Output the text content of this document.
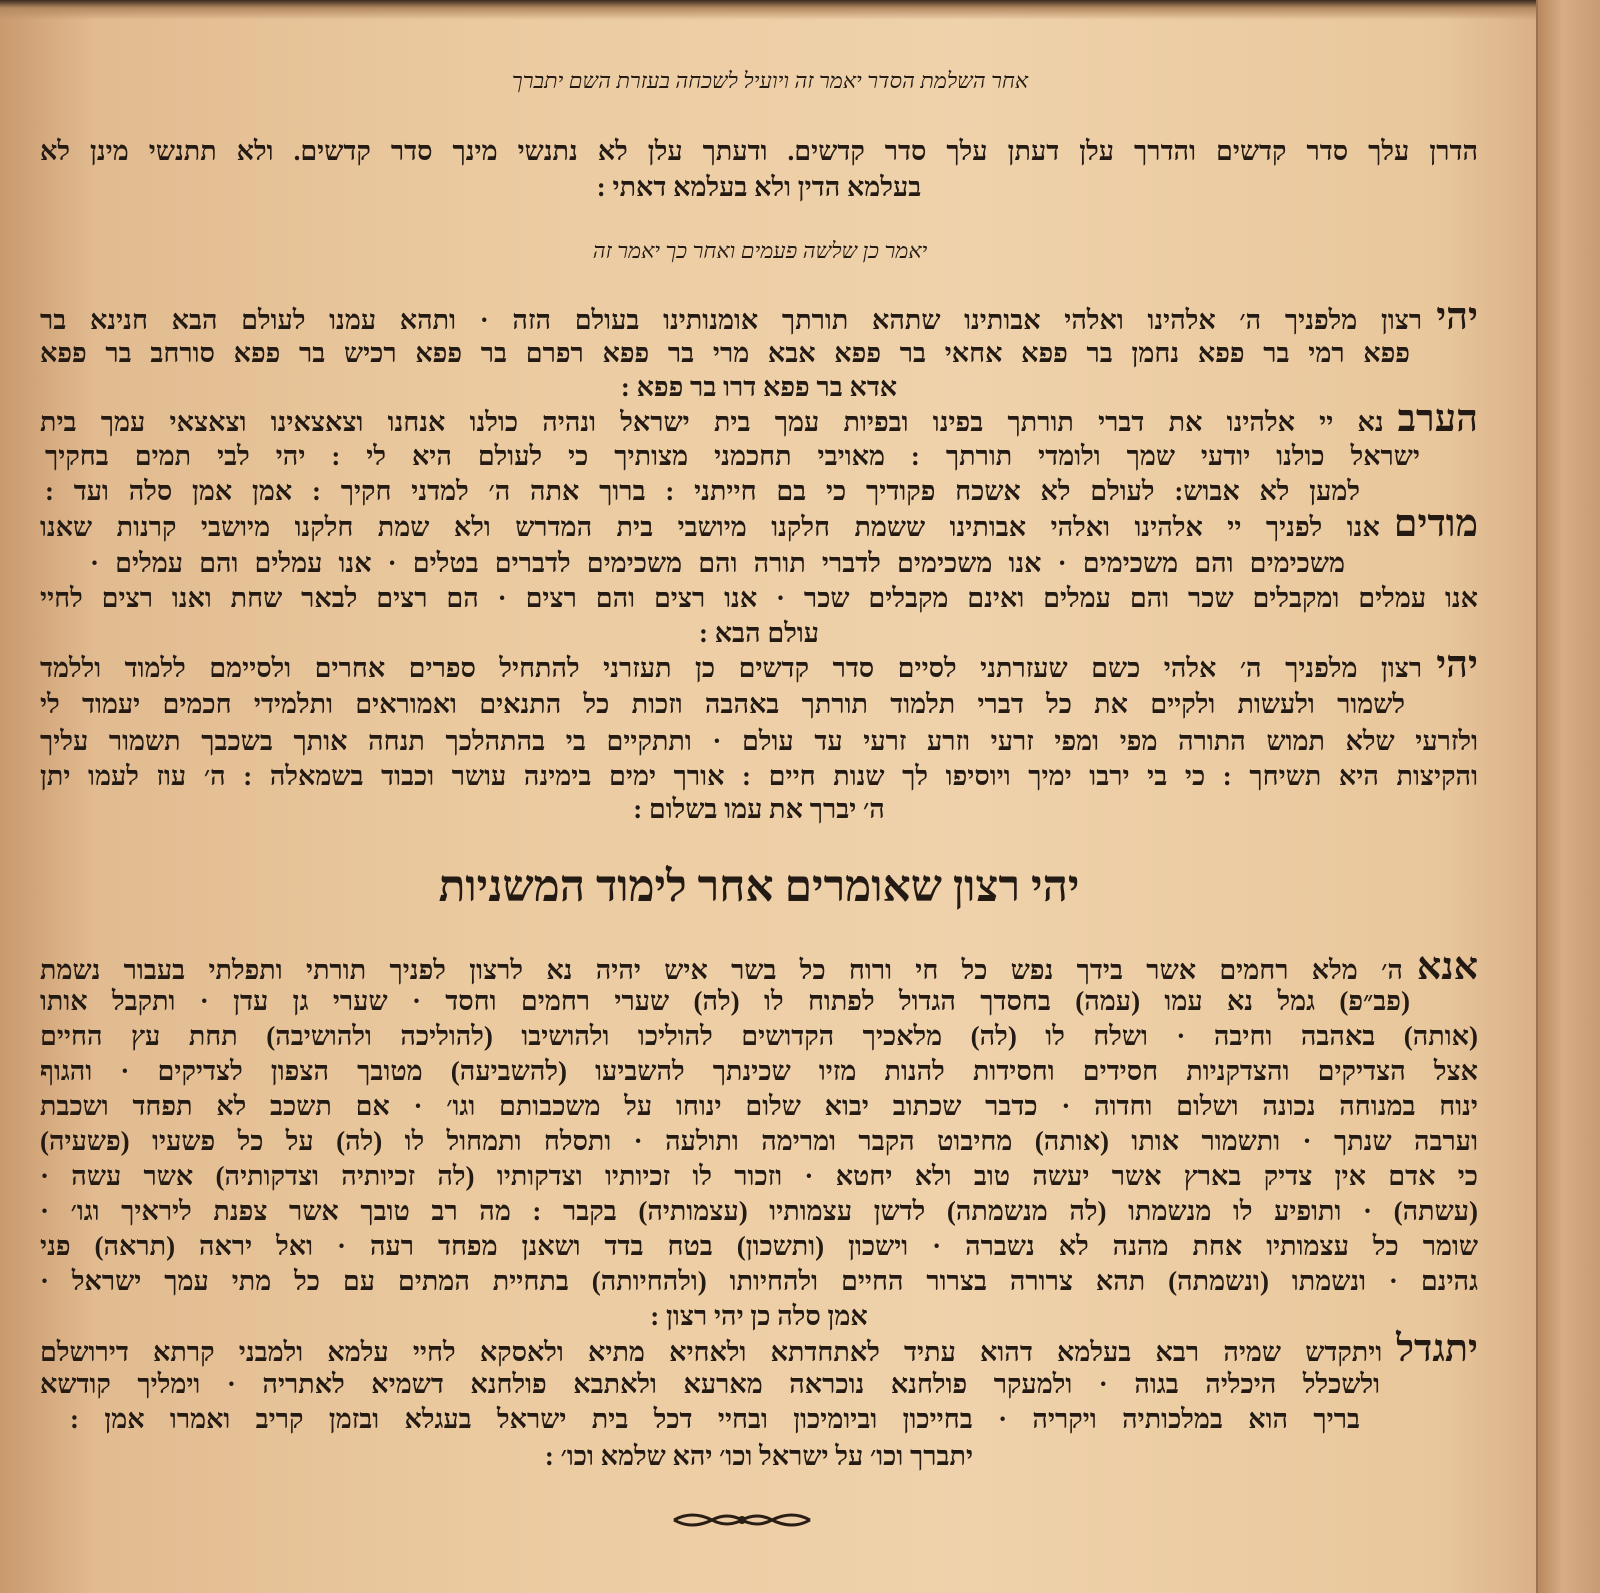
אחר השלמת הסדר יאמר זה ויועיל לשכחה בעזרת השם יתברך
הדרן עלך סדר קדשים והדרך עלן דעתן עלך סדר קדשים. ודעתך עלן לא נתנשי מינך סדר קדשים. ולא תתנשי מינן לא
בעלמא הדין ולא בעלמא דאתי :
יאמר כן שלשה פעמים ואחר כך יאמר זה
יהי
רצון מלפניך ה׳ אלהינו ואלהי אבותינו שתהא תורתך אומנותינו בעולם הזה · ותהא עמנו לעולם הבא חנינא בר
פפא רמי בר פפא נחמן בר פפא אחאי בר פפא אבא מרי בר פפא רפרם בר פפא רכיש בר פפא סורחב בר פפא
אדא בר פפא דרו בר פפא :
הערב
נא יי אלהינו את דברי תורתך בפינו ובפיות עמך בית ישראל ונהיה כולנו אנחנו וצאצאינו וצאצאי עמך בית
ישראל כולנו יודעי שמך ולומדי תורתך : מאויבי תחכמני מצותיך כי לעולם היא לי : יהי לבי תמים בחקיך
למען לא אבוש: לעולם לא אשכח פקודיך כי בם חייתני : ברוך אתה ה׳ למדני חקיך : אמן אמן סלה ועד :
מודים
אנו לפניך יי אלהינו ואלהי אבותינו ששמת חלקנו מיושבי בית המדרש ולא שמת חלקנו מיושבי קרנות שאנו
משכימים והם משכימים · אנו משכימים לדברי תורה והם משכימים לדברים בטלים · אנו עמלים והם עמלים ·
אנו עמלים ומקבלים שכר והם עמלים ואינם מקבלים שכר · אנו רצים והם רצים · הם רצים לבאר שחת ואנו רצים לחיי
עולם הבא :
יהי
רצון מלפניך ה׳ אלהי כשם שעזרתני לסיים סדר קדשים כן תעזרני להתחיל ספרים אחרים ולסיימם ללמוד וללמד
לשמור ולעשות ולקיים את כל דברי תלמוד תורתך באהבה וזכות כל התנאים ואמוראים ותלמידי חכמים יעמוד לי
ולזרעי שלא תמוש התורה מפי ומפי זרעי וזרע זרעי עד עולם · ותתקיים בי בהתהלכך תנחה אותך בשכבך תשמור עליך
והקיצות היא תשיחך : כי בי ירבו ימיך ויוסיפו לך שנות חיים : אורך ימים בימינה עושר וכבוד בשמאלה : ה׳ עוז לעמו יתן
ה׳ יברך את עמו בשלום :
יהי רצון שאומרים אחר לימוד המשניות
אנא
ה׳ מלא רחמים אשר בידך נפש כל חי ורוח כל בשר איש יהיה נא לרצון לפניך תורתי ותפלתי בעבור נשמת
(פב״פ) גמל נא עמו (עמה) בחסדך הגדול לפתוח לו (לה) שערי רחמים וחסד · שערי גן עדן · ותקבל אותו
(אותה) באהבה וחיבה · ושלח לו (לה) מלאכיך הקדושים להוליכו ולהושיבו (להוליכה ולהושיבה) תחת עץ החיים
אצל הצדיקים והצדקניות חסידים וחסידות להנות מזיו שכינתך להשביעו (להשביעה) מטובך הצפון לצדיקים · והגוף
ינוח במנוחה נכונה ושלום וחדוה · כדבר שכתוב יבוא שלום ינוחו על משכבותם וגו׳ · אם תשכב לא תפחד ושכבת
וערבה שנתך · ותשמור אותו (אותה) מחיבוט הקבר ומרימה ותולעה · ותסלח ותמחול לו (לה) על כל פשעיו (פשעיה)
כי אדם אין צדיק בארץ אשר יעשה טוב ולא יחטא · וזכור לו זכיותיו וצדקותיו (לה זכיותיה וצדקותיה) אשר עשה ·
(עשתה) · ותופיע לו מנשמתו (לה מנשמתה) לדשן עצמותיו (עצמותיה) בקבר : מה רב טובך אשר צפנת ליראיך וגו׳ ·
שומר כל עצמותיו אחת מהנה לא נשברה · וישכון (ותשכון) בטח בדד ושאנן מפחד רעה · ואל יראה (תראה) פני
גהינם · ונשמתו (ונשמתה) תהא צרורה בצרור החיים ולהחיותו (ולהחיותה) בתחיית המתים עם כל מתי עמך ישראל ·
אמן סלה כן יהי רצון :
יתגדל
ויתקדש שמיה רבא בעלמא דהוא עתיד לאתחדתא ולאחיא מתיא ולאסקא לחיי עלמא ולמבני קרתא דירושלם
ולשכלל היכליה בגוה · ולמעקר פולחנא נוכראה מארעא ולאתבא פולחנא דשמיא לאתריה · וימליך קודשא
בריך הוא במלכותיה ויקריה · בחייכון וביומיכון ובחיי דכל בית ישראל בעגלא ובזמן קריב ואמרו אמן :
יתברך וכו׳ על ישראל וכו׳ יהא שלמא וכו׳ :
